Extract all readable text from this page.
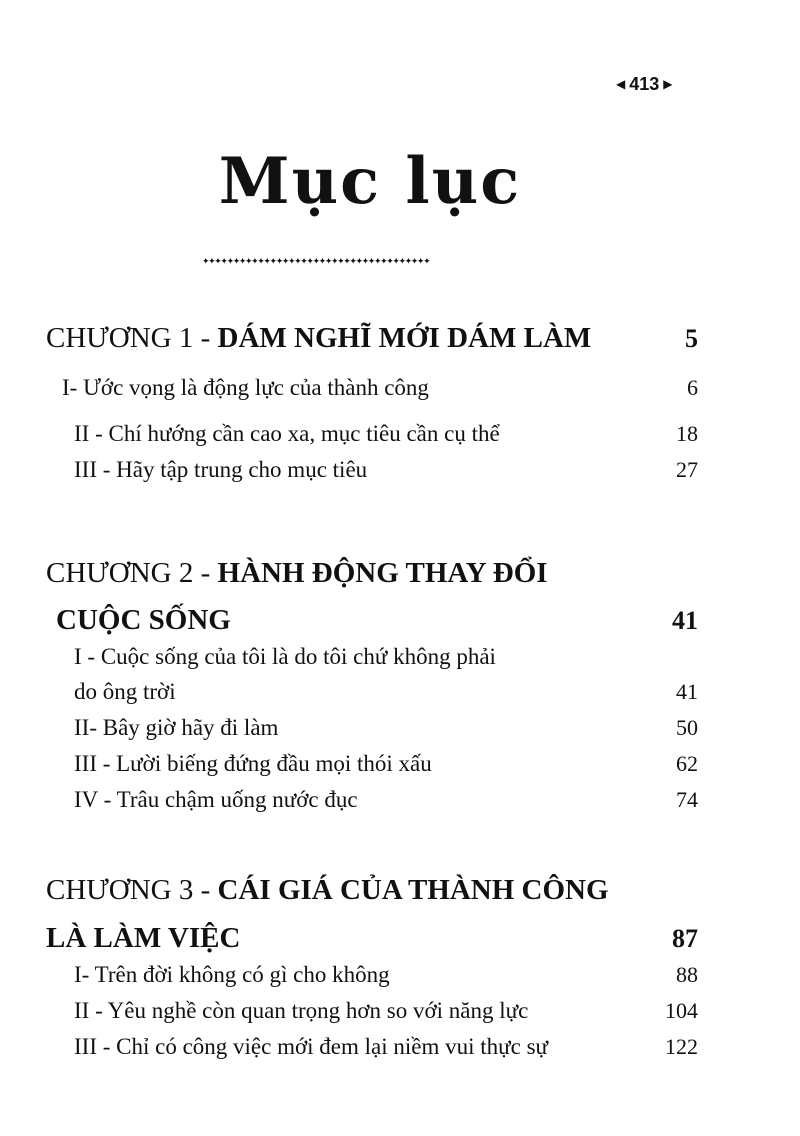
◀ 413 ▶
Mục lục
✦✦✦✦✦✦✦✦✦✦✦✦✦✦✦✦✦✦✦✦✦✦✦✦✦✦✦✦✦✦✦✦✦✦✦✦✦
CHƯƠNG 1 - DÁM NGHĨ MỚI DÁM LÀM	5
I- Ước vọng là động lực của thành công	6
II - Chí hướng cần cao xa, mục tiêu cần cụ thể	18
III - Hãy tập trung cho mục tiêu	27
CHƯƠNG 2 - HÀNH ĐỘNG THAY ĐỔI
CUỘC SỐNG	41
I - Cuộc sống của tôi là do tôi chứ không phải
do ông trời	41
II- Bây giờ hãy đi làm	50
III - Lười biếng đứng đầu mọi thói xấu	62
IV - Trâu chậm uống nước đục	74
CHƯƠNG 3 - CÁI GIÁ CỦA THÀNH CÔNG
LÀ LÀM VIỆC	87
I- Trên đời không có gì cho không	88
II - Yêu nghề còn quan trọng hơn so với năng lực	104
III - Chỉ có công việc mới đem lại niềm vui thực sự	122
